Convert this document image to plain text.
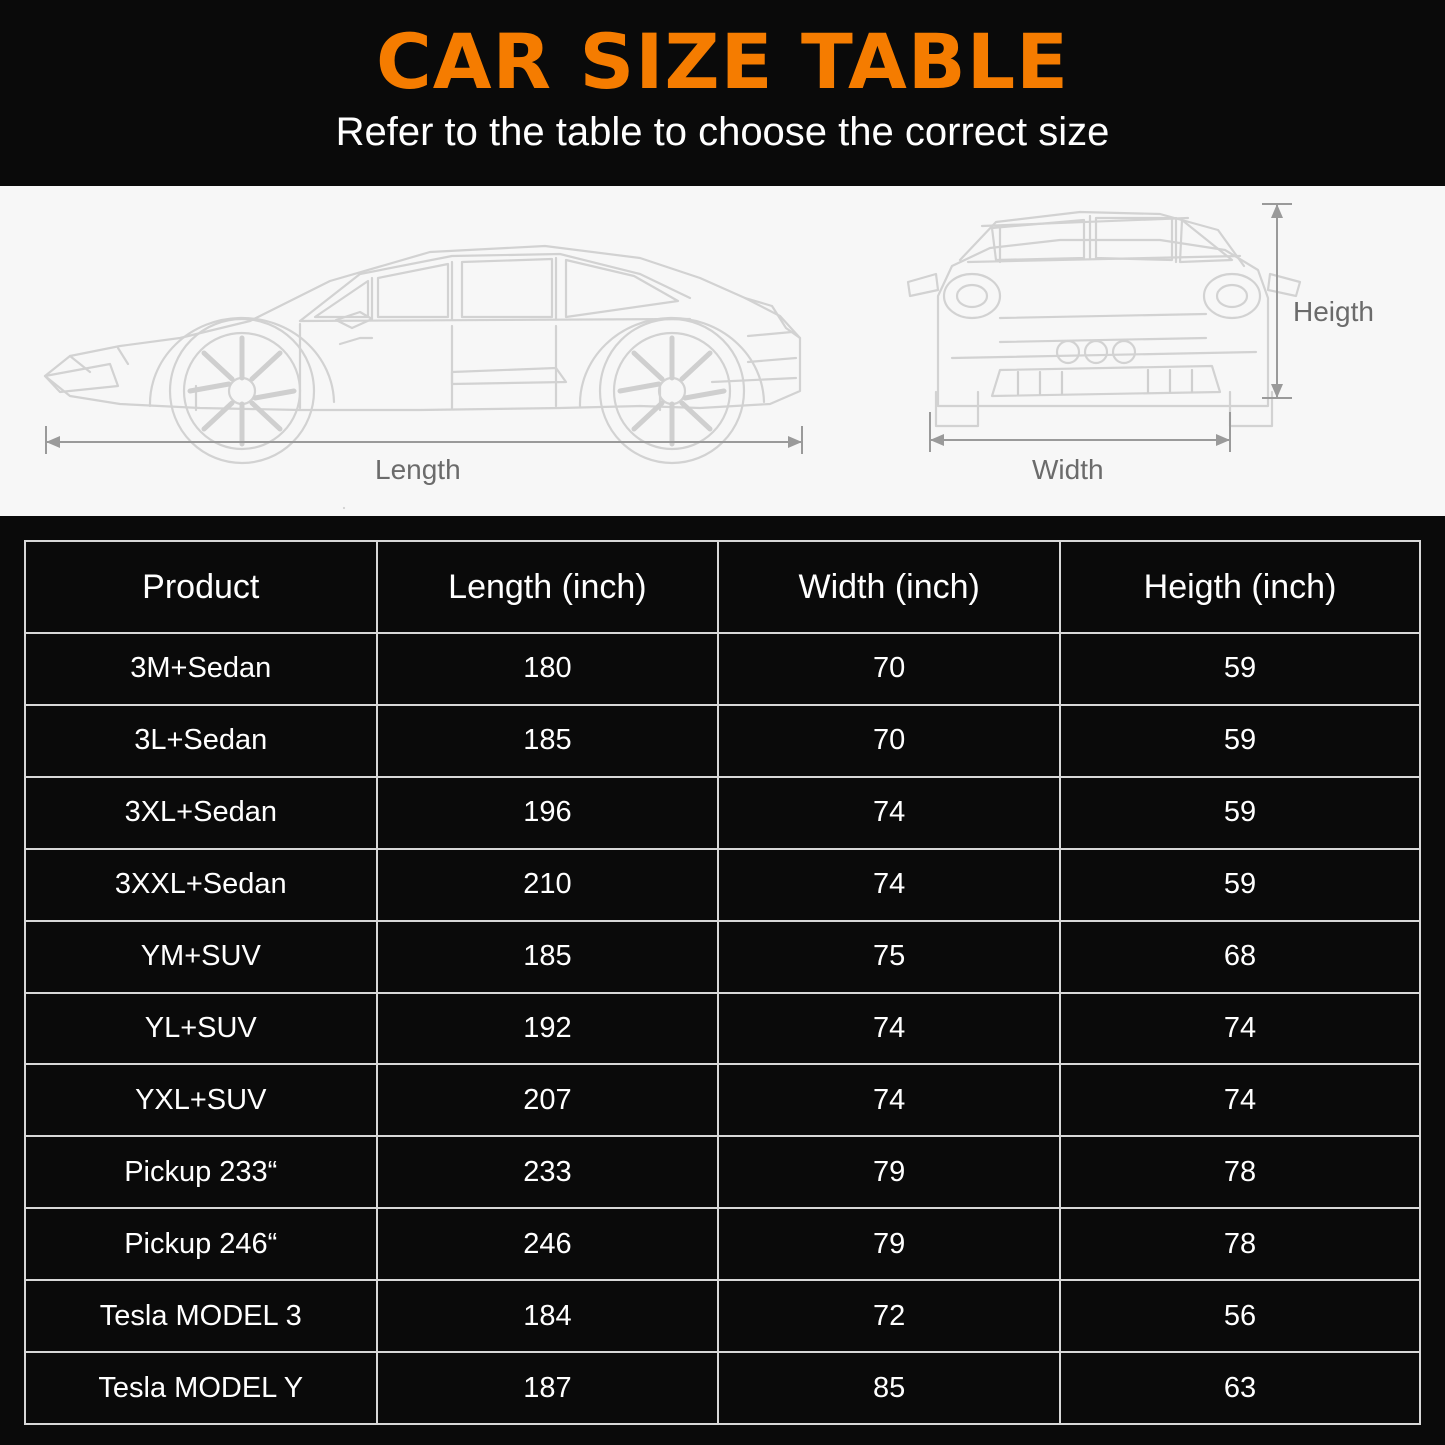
CAR SIZE TABLE
Refer to the table to choose the correct size
Length	Width
Heigth
Product	Length (inch)	Width (inch)	Heigth (inch)
3M+Sedan	180	70	59
3L+Sedan	185	70	59
3XL+Sedan	196	74	59
3XXL+Sedan	210	74	59
YM+SUV	185	75	68
YL+SUV	192	74	74
YXL+SUV	207	74	74
Pickup 233“	233	79	78
Pickup 246“	246	79	78
Tesla MODEL 3	184	72	56
Tesla MODEL Y	187	85	63
